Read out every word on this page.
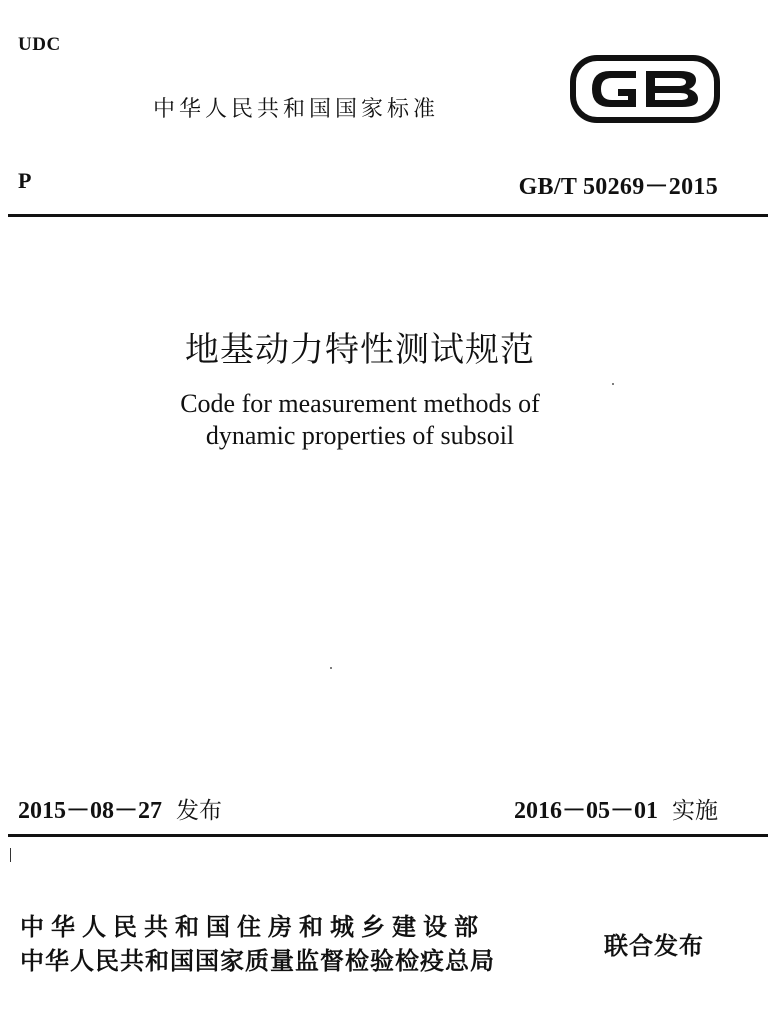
UDC
中华人民共和国国家标准
P	GB/T 50269－2015
地基动力特性测试规范
Code for measurement methods of
dynamic properties of subsoil
2015－08－27 发布	2016－05－01 实施
中华人民共和国住房和城乡建设部
中华人民共和国国家质量监督检验检疫总局
联合发布
